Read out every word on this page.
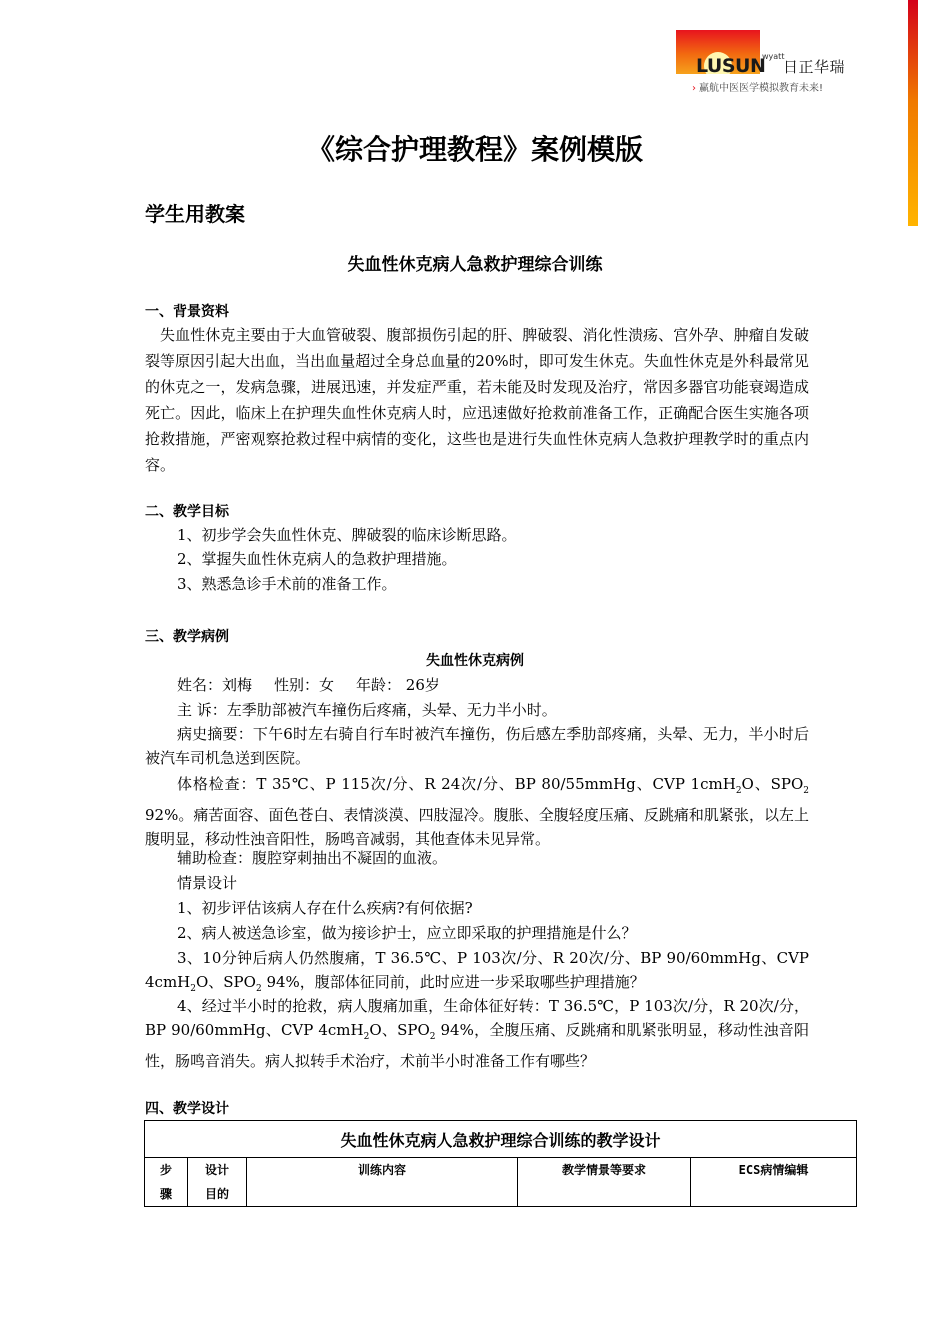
LUSUN
wyatt
日正华瑞
› 赢航中医医学模拟教育未来!
《综合护理教程》案例模版
学生用教案
失血性休克病人急救护理综合训练
一、背景资料

失血性休克主要由于大血管破裂、腹部损伤引起的肝、脾破裂、消化性溃疡、宫外孕、肿瘤自发破裂等原因引起大出血，当出血量超过全身总血量的20%时，即可发生休克。失血性休克是外科最常见的休克之一，发病急骤，进展迅速，并发症严重，若未能及时发现及治疗，常因多器官功能衰竭造成死亡。因此，临床上在护理失血性休克病人时，应迅速做好抢救前准备工作，正确配合医生实施各项抢救措施，严密观察抢救过程中病情的变化，这些也是进行失血性休克病人急救护理教学时的重点内容。

二、教学目标
1、初步学会失血性休克、脾破裂的临床诊断思路。
2、掌握失血性休克病人的急救护理措施。
3、熟悉急诊手术前的准备工作。
三、教学病例
失血性休克病例
姓名：刘梅 性别：女 年龄： 26岁
主 诉：左季肋部被汽车撞伤后疼痛，头晕、无力半小时。

病史摘要：下午6时左右骑自行车时被汽车撞伤，伤后感左季肋部疼痛，头晕、无力，半小时后被汽车司机急送到医院。

体格检查：T 35℃、P 115次/分、R 24次/分、BP 80/55mmHg、CVP 1cmH$_2$O、$SPO_2$ 92%。痛苦面容、面色苍白、表情淡漠、四肢湿冷。腹胀、全腹轻度压痛、反跳痛和肌紧张，以左上腹明显，移动性浊音阳性，肠鸣音减弱，其他查体未见异常。

辅助检查：腹腔穿刺抽出不凝固的血液。
情景设计
1、初步评估该病人存在什么疾病?有何依据?
2、病人被送急诊室，做为接诊护士，应立即采取的护理措施是什么？

3、10分钟后病人仍然腹痛，T 36.5℃、P 103次/分、R 20次/分、BP 90/60mmHg、CVP 4cmH$_2$O、$SPO_2$ 94%，腹部体征同前，此时应进一步采取哪些护理措施？

4、经过半小时的抢救，病人腹痛加重，生命体征好转：T 36.5℃，P 103次/分，R 20次/分，BP 90/60mmHg、CVP 4cmH$_2$O、$SPO_2$ 94%，全腹压痛、反跳痛和肌紧张明显，移动性浊音阳性，肠鸣音消失。病人拟转手术治疗，术前半小时准备工作有哪些？

四、教学设计
失血性休克病人急救护理综合训练的教学设计
步
骤	设计
目的	训练内容	教学情景等要求	ECS病情编辑
